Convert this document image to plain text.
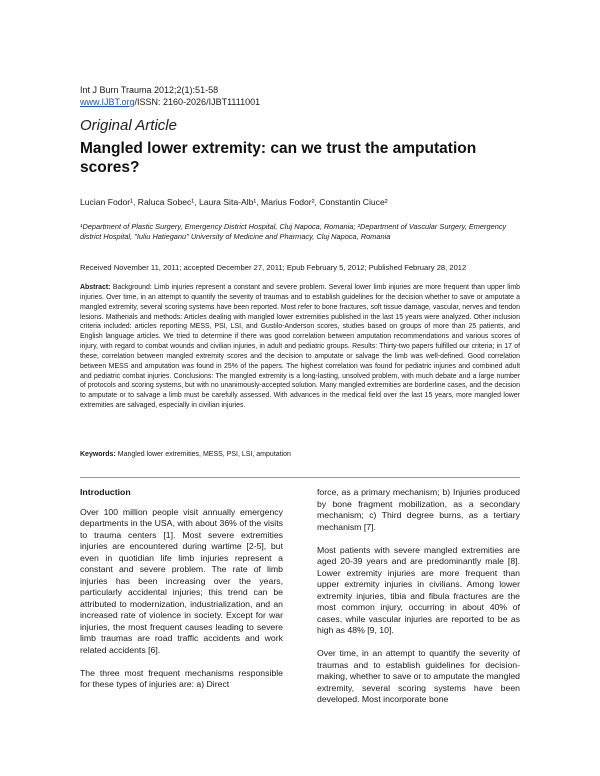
Int J Burn Trauma 2012;2(1):51-58
www.IJBT.org/ISSN: 2160-2026/IJBT1111001
Original Article
Mangled lower extremity: can we trust the amputation scores?
Lucian Fodor¹, Raluca Sobec¹, Laura Sita-Alb¹, Marius Fodor², Constantin Ciuce²
¹Department of Plastic Surgery, Emergency District Hospital, Cluj Napoca, Romania; ²Department of Vascular Surgery, Emergency district Hospital, "Iuliu Hatieganu" University of Medicine and Pharmacy, Cluj Napoca, Romania
Received November 11, 2011; accepted December 27, 2011; Epub February 5, 2012; Published February 28, 2012
Abstract: Background: Limb injuries represent a constant and severe problem. Several lower limb injuries are more frequent than upper limb injuries. Over time, in an attempt to quantify the severity of traumas and to establish guidelines for the decision whether to save or amputate a mangled extremity, several scoring systems have been reported. Most refer to bone fractures, soft tissue damage, vascular, nerves and tendon lesions. Matherials and methods: Articles dealing with mangled lower extremities published in the last 15 years were analyzed. Other inclusion criteria included: articles reporting MESS, PSI, LSI, and Gustilo-Anderson scores, studies based on groups of more than 25 patients, and English language articles. We tried to determine if there was good correlation between amputation recommendations and various scores of injury, with regard to combat wounds and civilian injuries, in adult and pediatric groups. Results: Thirty-two papers fulfilled our criteria; in 17 of these, correlation between mangled extremity scores and the decision to amputate or salvage the limb was well-defined. Good correlation between MESS and amputation was found in 25% of the papers. The highest correlation was found for pediatric injuries and combined adult and pediatric combat injuries. Conclusions: The mangled extremity is a long-lasting, unsolved problem, with much debate and a large number of protocols and scoring systems, but with no unanimously-accepted solution. Many mangled extremities are borderline cases, and the decision to amputate or to salvage a limb must be carefully assessed. With advances in the medical field over the last 15 years, more mangled lower extremities are salvaged, especially in civilian injuries.
Keywords: Mangled lower extremities, MESS, PSI, LSI, amputation
Introduction

Over 100 million people visit annually emergency departments in the USA, with about 36% of the visits to trauma centers [1]. Most severe extremities injuries are encountered during wartime [2-5], but even in quotidian life limb injuries represent a constant and severe problem. The rate of limb injuries has been increasing over the years, particularly accidental injuries; this trend can be attributed to modernization, industrialization, and an increased rate of violence in society. Except for war injuries, the most frequent causes leading to severe limb traumas are road traffic accidents and work related accidents [6].

The three most frequent mechanisms responsible for these types of injuries are: a) Direct

force, as a primary mechanism; b) Injuries produced by bone fragment mobilization, as a secondary mechanism; c) Third degree burns, as a tertiary mechanism [7].

Most patients with severe mangled extremities are aged 20-39 years and are predominantly male [8]. Lower extremity injuries are more frequent than upper extremity injuries in civilians. Among lower extremity injuries, tibia and fibula fractures are the most common injury, occurring in about 40% of cases, while vascular injuries are reported to be as high as 48% [9, 10].

Over time, in an attempt to quantify the severity of traumas and to establish guidelines for decision-making, whether to save or to amputate the mangled extremity, several scoring systems have been developed. Most incorporate bone
